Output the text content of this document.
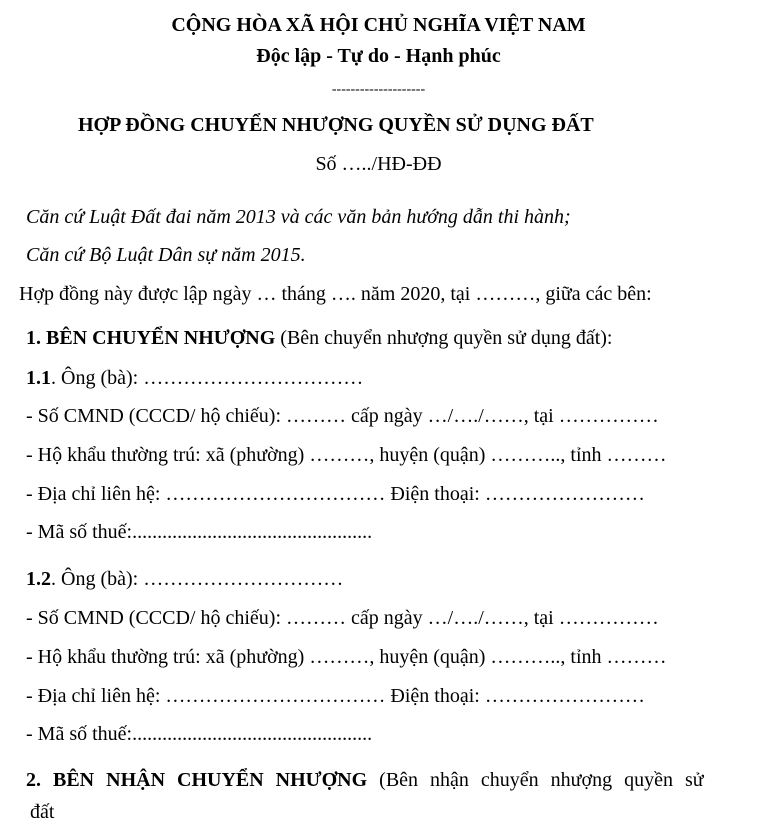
CỘNG HÒA XÃ HỘI CHỦ NGHĨA VIỆT NAM
Độc lập - Tự do - Hạnh phúc
--------------------
HỢP ĐỒNG CHUYỂN NHƯỢNG QUYỀN SỬ DỤNG ĐẤT
Số …../HĐ-ĐĐ
Căn cứ Luật Đất đai năm 2013 và các văn bản hướng dẫn thi hành;
Căn cứ Bộ Luật Dân sự năm 2015.
Hợp đồng này được lập ngày … tháng …. năm 2020, tại ………, giữa các bên:
1. BÊN CHUYỂN NHƯỢNG (Bên chuyển nhượng quyền sử dụng đất):
1.1. Ông (bà): ……………………………
- Số CMND (CCCD/ hộ chiếu): ……… cấp ngày …/…./……, tại ……………
- Hộ khẩu thường trú: xã (phường) ………, huyện (quận) ……….., tỉnh ………
- Địa chỉ liên hệ: …………………………… Điện thoại: ……………………
- Mã số thuế:................................................
1.2. Ông (bà): …………………………
- Số CMND (CCCD/ hộ chiếu): ……… cấp ngày …/…./……, tại ……………
- Hộ khẩu thường trú: xã (phường) ………, huyện (quận) ……….., tỉnh ………
- Địa chỉ liên hệ: …………………………… Điện thoại: ……………………
- Mã số thuế:................................................
2. BÊN NHẬN CHUYỂN NHƯỢNG (Bên nhận chuyển nhượng quyền sử
đất
